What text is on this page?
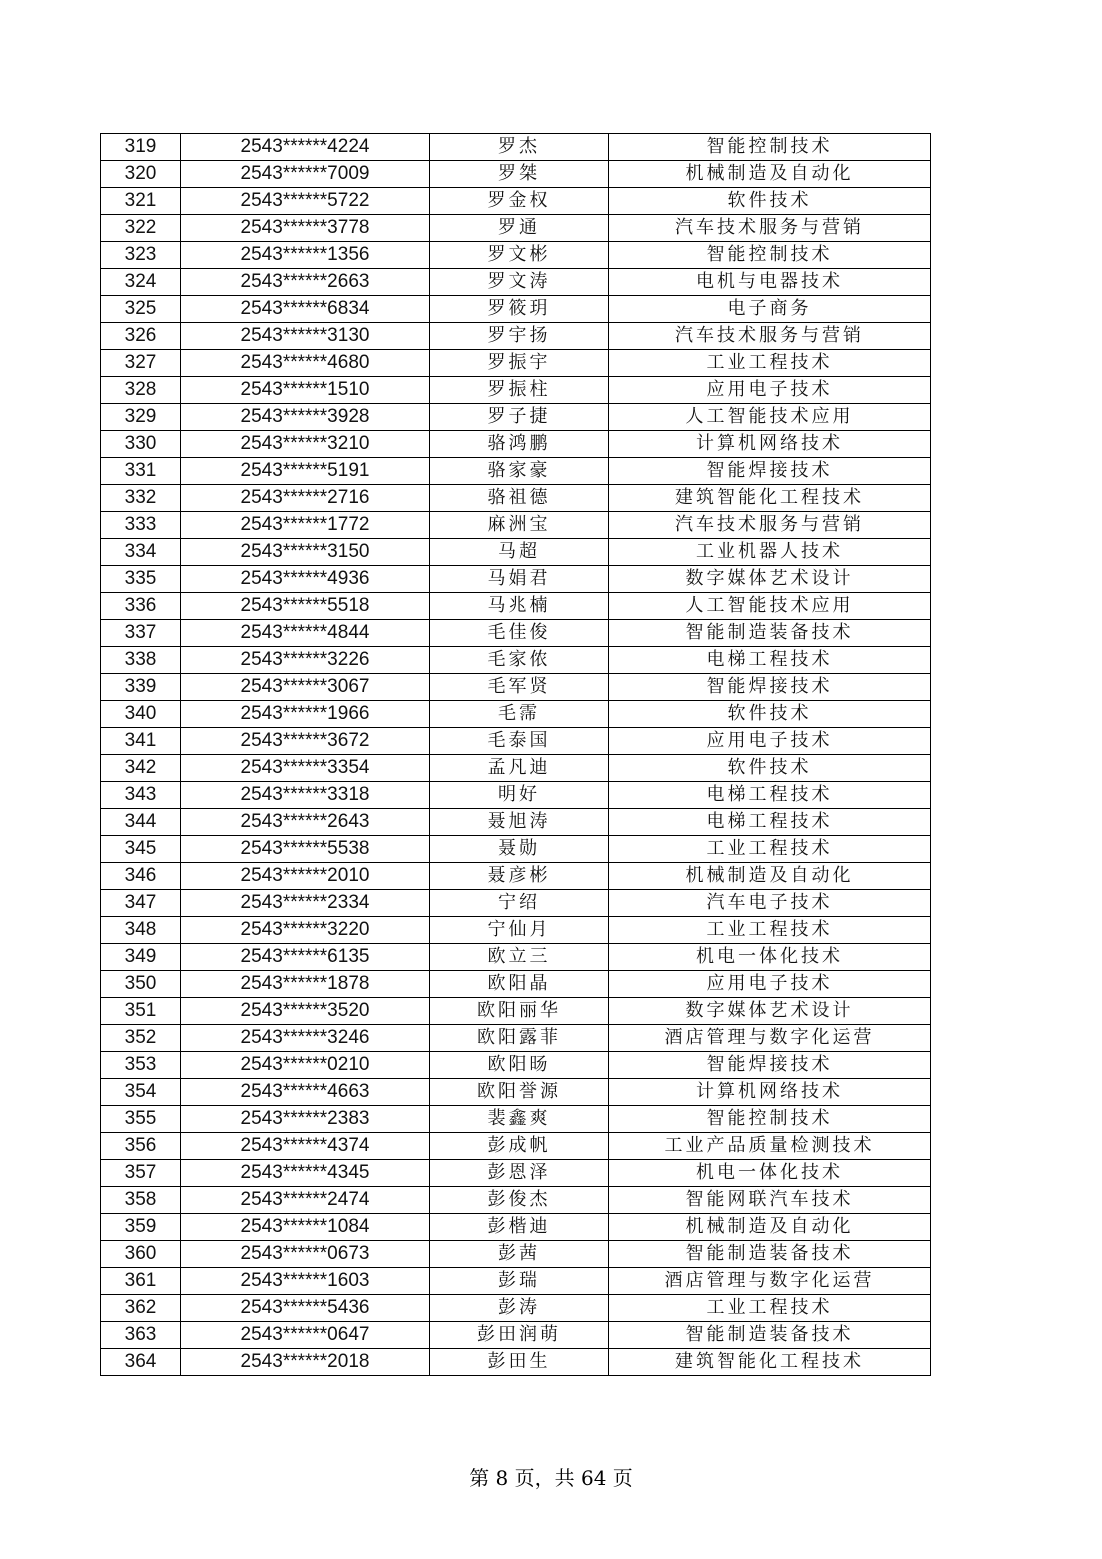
319	2543******4224	罗杰	智能控制技术
320	2543******7009	罗桀	机械制造及自动化
321	2543******5722	罗金权	软件技术
322	2543******3778	罗通	汽车技术服务与营销
323	2543******1356	罗文彬	智能控制技术
324	2543******2663	罗文涛	电机与电器技术
325	2543******6834	罗筱玥	电子商务
326	2543******3130	罗宇扬	汽车技术服务与营销
327	2543******4680	罗振宇	工业工程技术
328	2543******1510	罗振柱	应用电子技术
329	2543******3928	罗子捷	人工智能技术应用
330	2543******3210	骆鸿鹏	计算机网络技术
331	2543******5191	骆家豪	智能焊接技术
332	2543******2716	骆祖德	建筑智能化工程技术
333	2543******1772	麻洲宝	汽车技术服务与营销
334	2543******3150	马超	工业机器人技术
335	2543******4936	马娟君	数字媒体艺术设计
336	2543******5518	马兆楠	人工智能技术应用
337	2543******4844	毛佳俊	智能制造装备技术
338	2543******3226	毛家侬	电梯工程技术
339	2543******3067	毛军贤	智能焊接技术
340	2543******1966	毛霈	软件技术
341	2543******3672	毛泰国	应用电子技术
342	2543******3354	孟凡迪	软件技术
343	2543******3318	明好	电梯工程技术
344	2543******2643	聂旭涛	电梯工程技术
345	2543******5538	聂勋	工业工程技术
346	2543******2010	聂彦彬	机械制造及自动化
347	2543******2334	宁绍	汽车电子技术
348	2543******3220	宁仙月	工业工程技术
349	2543******6135	欧立三	机电一体化技术
350	2543******1878	欧阳晶	应用电子技术
351	2543******3520	欧阳丽华	数字媒体艺术设计
352	2543******3246	欧阳露菲	酒店管理与数字化运营
353	2543******0210	欧阳旸	智能焊接技术
354	2543******4663	欧阳誉源	计算机网络技术
355	2543******2383	裴鑫爽	智能控制技术
356	2543******4374	彭成帆	工业产品质量检测技术
357	2543******4345	彭恩泽	机电一体化技术
358	2543******2474	彭俊杰	智能网联汽车技术
359	2543******1084	彭楷迪	机械制造及自动化
360	2543******0673	彭茜	智能制造装备技术
361	2543******1603	彭瑞	酒店管理与数字化运营
362	2543******5436	彭涛	工业工程技术
363	2543******0647	彭田润萌	智能制造装备技术
364	2543******2018	彭田生	建筑智能化工程技术
第 8 页，共 64 页
